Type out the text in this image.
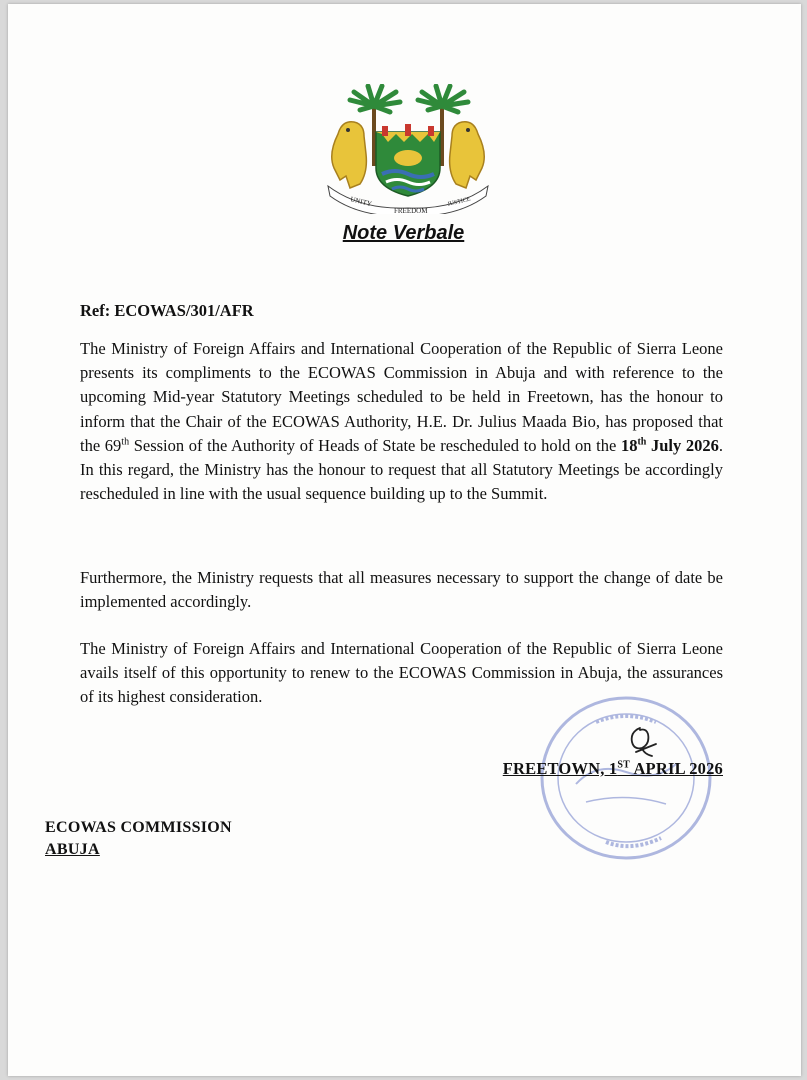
UNITY
FREEDOM
JUSTICE
Note Verbale
Ref: ECOWAS/301/AFR

The Ministry of Foreign Affairs and International Cooperation of the Republic of Sierra Leone presents its compliments to the ECOWAS Commission in Abuja and with reference to the upcoming Mid-year Statutory Meetings scheduled to be held in Freetown, has the honour to inform that the Chair of the ECOWAS Authority, H.E. Dr. Julius Maada Bio, has proposed that the 69th Session of the Authority of Heads of State be rescheduled to hold on the 18th July 2026. In this regard, the Ministry has the honour to request that all Statutory Meetings be accordingly rescheduled in line with the usual sequence building up to the Summit.

Furthermore, the Ministry requests that all measures necessary to support the change of date be implemented accordingly.

The Ministry of Foreign Affairs and International Cooperation of the Republic of Sierra Leone avails itself of this opportunity to renew to the ECOWAS Commission in Abuja, the assurances of its highest consideration.

FREETOWN, 1ST APRIL 2026
ECOWAS COMMISSION
ABUJA
